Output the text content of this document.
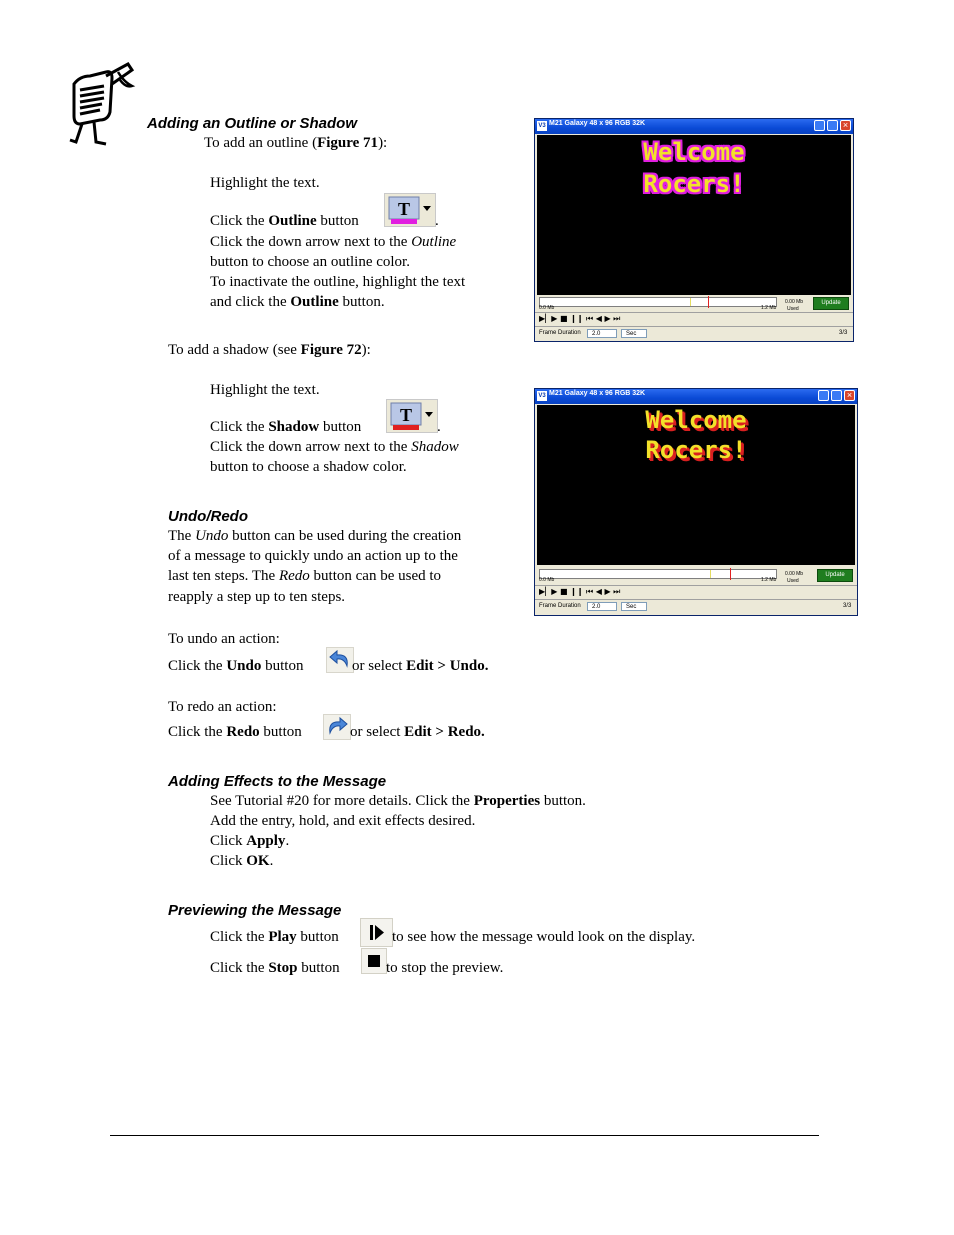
Adding an Outline or Shadow
To add an outline (Figure 71):
Highlight the text.
Click the Outline button
T
.
Click the down arrow next to the Outline
button to choose an outline color.
To inactivate the outline, highlight the text
and click the Outline button.
To add a shadow (see Figure 72):
Highlight the text.
Click the Shadow button
T
.
Click the down arrow next to the Shadow
button to choose a shadow color.
Undo/Redo
The Undo button can be used during the creation
of a message to quickly undo an action up to the
last ten steps. The Redo button can be used to
reapply a step up to ten steps.
To undo an action:
Click the Undo button	or select Edit > Undo.
To redo an action:
Click the Redo button	or select Edit > Redo.
Adding Effects to the Message
See Tutorial #20 for more details. Click the Properties button.
Add the entry, hold, and exit effects desired.
Click Apply.
Click OK.
Previewing the Message
Click the Play button	to see how the message would look on the display.
Click the Stop button	to stop the preview.
V3 M21 Galaxy 48 x 96 RGB 32K	×
Welcome
Rocers!
0.0 Mb	1.2 Mb
0.00 Mb
Used
Update
▶▏▶ ■ ❙❙ ⏮ ◀ ▶ ⏭
Frame Duration	2.0	Sec	3/3
V3 M21 Galaxy 48 x 96 RGB 32K	×
Welcome
Rocers!
0.0 Mb	1.2 Mb
0.00 Mb
Used
Update
▶▏▶ ■ ❙❙ ⏮ ◀ ▶ ⏭
Frame Duration	2.0	Sec	3/3
